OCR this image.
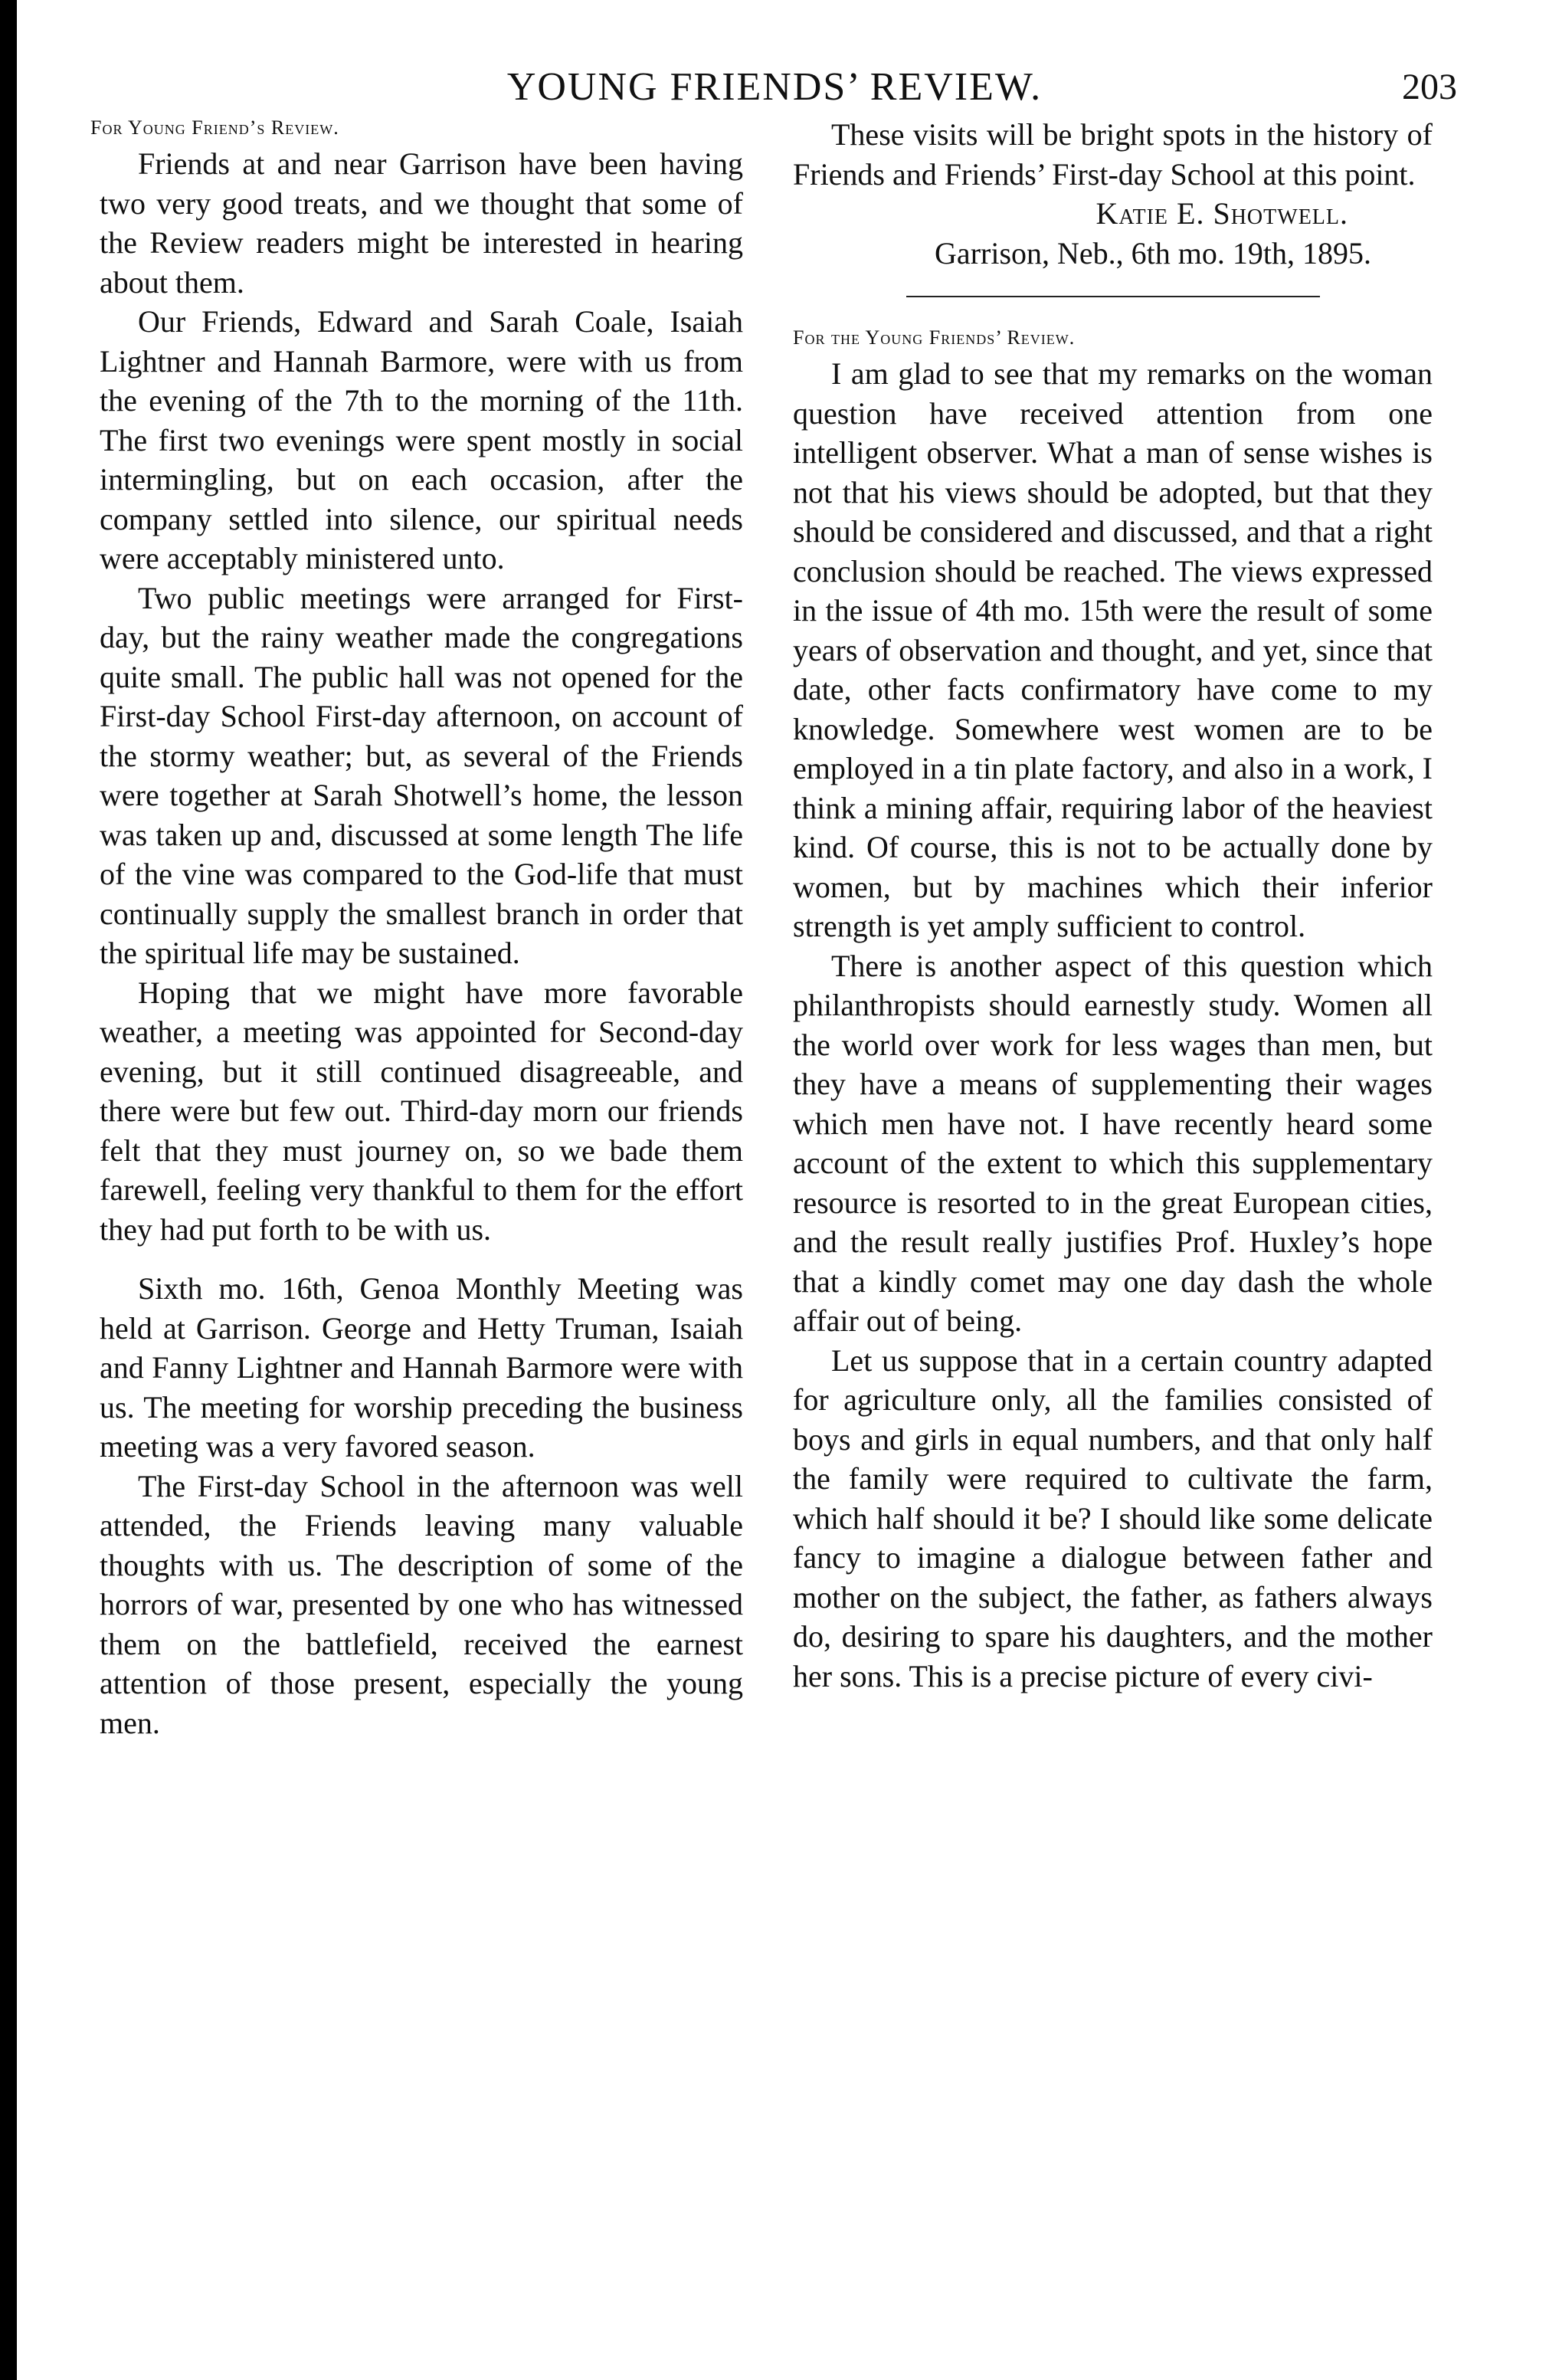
YOUNG FRIENDS’ REVIEW.	203
For Young Friend’s Review.

Friends at and near Garrison have been having two very good treats, and we thought that some of the Review readers might be interested in hearing about them.

Our Friends, Edward and Sarah Coale, Isaiah Lightner and Hannah Barmore, were with us from the evening of the 7th to the morning of the 11th. The first two evenings were spent mostly in social intermingling, but on each occasion, after the company settled into silence, our spiritual needs were acceptably ministered unto.

Two public meetings were arranged for First-day, but the rainy weather made the congregations quite small. The public hall was not opened for the First-day School First-day afternoon, on account of the stormy weather; but, as several of the Friends were together at Sarah Shotwell’s home, the lesson was taken up and, discussed at some length The life of the vine was compared to the God-life that must continually supply the smallest branch in order that the spiritual life may be sustained.

Hoping that we might have more favorable weather, a meeting was appointed for Second-day evening, but it still continued disagreeable, and there were but few out. Third-day morn our friends felt that they must journey on, so we bade them farewell, feeling very thankful to them for the effort they had put forth to be with us.

Sixth mo. 16th, Genoa Monthly Meeting was held at Garrison. George and Hetty Truman, Isaiah and Fanny Lightner and Hannah Barmore were with us. The meeting for worship preceding the business meeting was a very favored season.

The First-day School in the afternoon was well attended, the Friends leaving many valuable thoughts with us. The description of some of the horrors of war, presented by one who has witnessed them on the battlefield, received the earnest attention of those present, especially the young men.

These visits will be bright spots in the history of Friends and Friends’ First-day School at this point.

Katie E. Shotwell.

Garrison, Neb., 6th mo. 19th, 1895.

For the Young Friends’ Review.

I am glad to see that my remarks on the woman question have received attention from one intelligent observer. What a man of sense wishes is not that his views should be adopted, but that they should be considered and discussed, and that a right conclusion should be reached. The views expressed in the issue of 4th mo. 15th were the result of some years of observation and thought, and yet, since that date, other facts confirmatory have come to my knowledge. Somewhere west women are to be employed in a tin plate factory, and also in a work, I think a mining affair, requiring labor of the heaviest kind. Of course, this is not to be actually done by women, but by machines which their inferior strength is yet amply sufficient to control.

There is another aspect of this question which philanthropists should earnestly study. Women all the world over work for less wages than men, but they have a means of supplementing their wages which men have not. I have recently heard some account of the extent to which this supplementary resource is resorted to in the great European cities, and the result really justifies Prof. Huxley’s hope that a kindly comet may one day dash the whole affair out of being.

Let us suppose that in a certain country adapted for agriculture only, all the families consisted of boys and girls in equal numbers, and that only half the family were required to cultivate the farm, which half should it be? I should like some delicate fancy to imagine a dialogue between father and mother on the subject, the father, as fathers always do, desiring to spare his daughters, and the mother her sons. This is a precise picture of every civi-
